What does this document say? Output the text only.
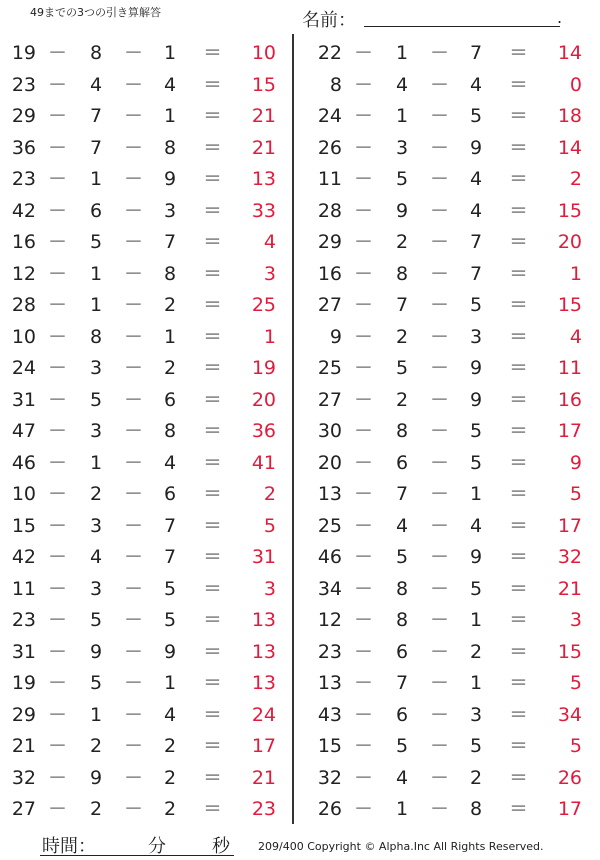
49までの3つの引き算解答	名前：	.
19 － 8 － 1 ＝	10
23 － 4 － 4 ＝	15
29 － 7 － 1 ＝	21
36 － 7 － 8 ＝	21
23 － 1 － 9 ＝	13
42 － 6 － 3 ＝	33
16 － 5 － 7 ＝	4
12 － 1 － 8 ＝	3
28 － 1 － 2 ＝	25
10 － 8 － 1 ＝	1
24 － 3 － 2 ＝	19
31 － 5 － 6 ＝	20
47 － 3 － 8 ＝	36
46 － 1 － 4 ＝	41
10 － 2 － 6 ＝	2
15 － 3 － 7 ＝	5
42 － 4 － 7 ＝	31
11 － 3 － 5 ＝	3
23 － 5 － 5 ＝	13
31 － 9 － 9 ＝	13
19 － 5 － 1 ＝	13
29 － 1 － 4 ＝	24
21 － 2 － 2 ＝	17
32 － 9 － 2 ＝	21
27 － 2 － 2 ＝	23
22 － 1 － 7 ＝	14
8 － 4 － 4 ＝	0
24 － 1 － 5 ＝	18
26 － 3 － 9 ＝	14
11 － 5 － 4 ＝	2
28 － 9 － 4 ＝	15
29 － 2 － 7 ＝	20
16 － 8 － 7 ＝	1
27 － 7 － 5 ＝	15
9 － 2 － 3 ＝	4
25 － 5 － 9 ＝	11
27 － 2 － 9 ＝	16
30 － 8 － 5 ＝	17
20 － 6 － 5 ＝	9
13 － 7 － 1 ＝	5
25 － 4 － 4 ＝	17
46 － 5 － 9 ＝	32
34 － 8 － 5 ＝	21
12 － 8 － 1 ＝	3
23 － 6 － 2 ＝	15
13 － 7 － 1 ＝	5
43 － 6 － 3 ＝	34
15 － 5 － 5 ＝	5
32 － 4 － 2 ＝	26
26 － 1 － 8 ＝	17
時間：	分	秒	209/400 Copyright © Alpha.Inc All Rights Reserved.
